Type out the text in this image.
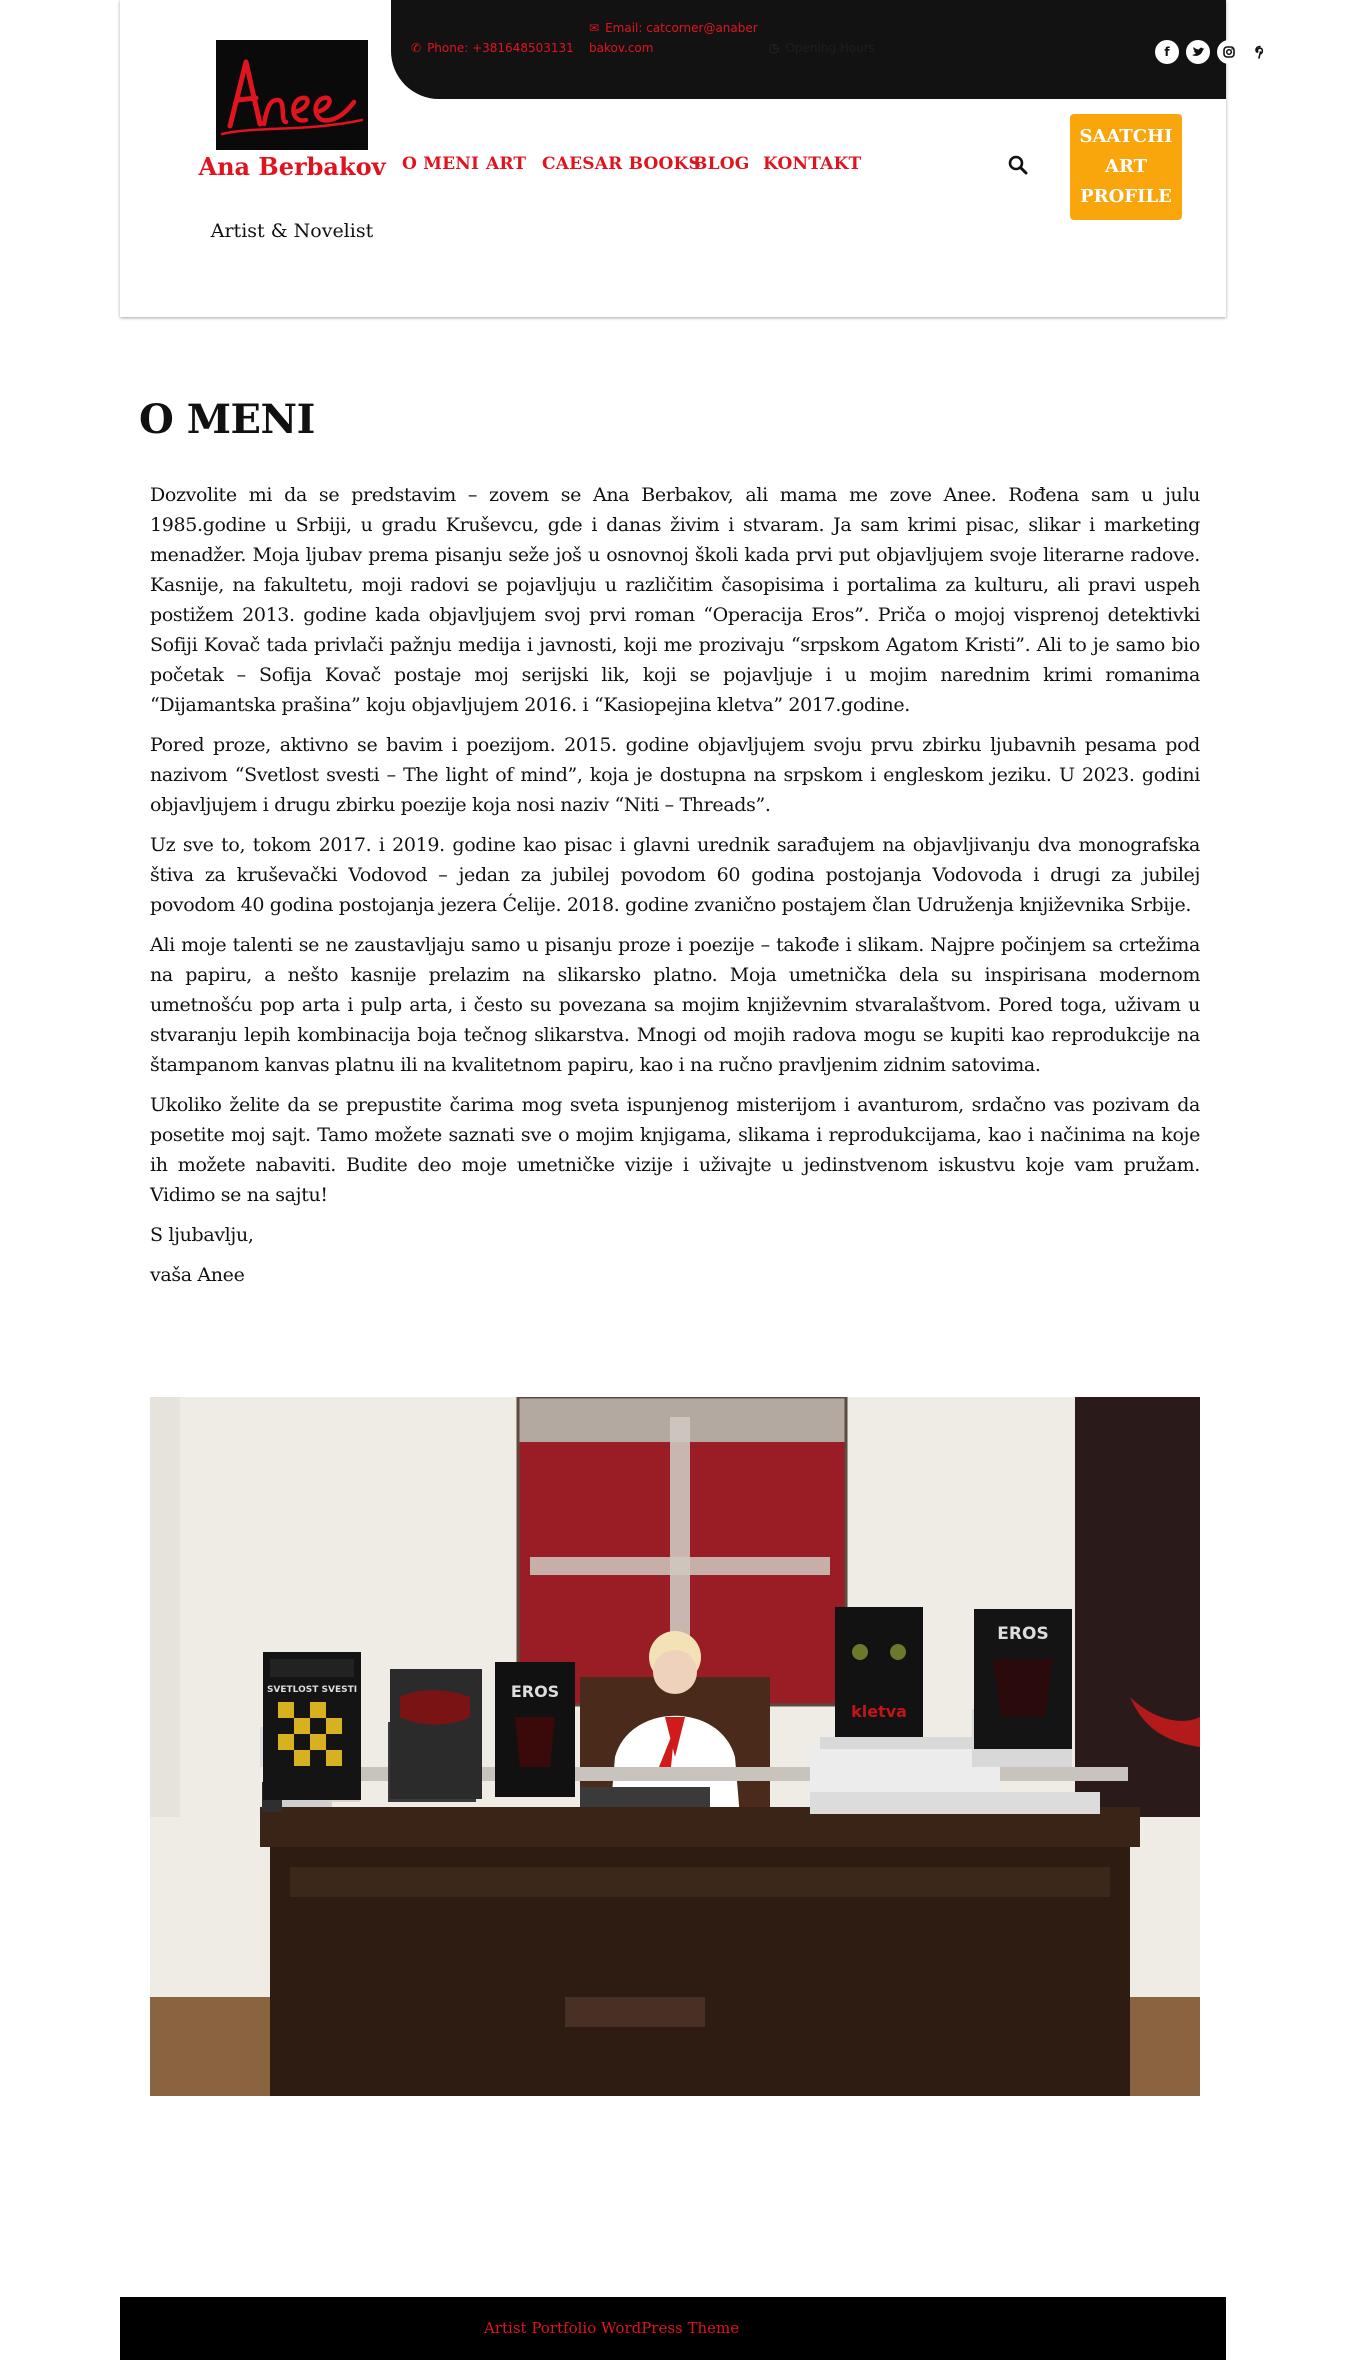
Ana Berbakov
Artist & Novelist
✆ Phone: +381648503131
✉ Email: catcorner@anaberbakov.com	◷ Opening Hours	f
O MENI ART CAESAR BOOKS
BLOG KONTAKT
SAATCHI
ART
PROFILE
O MENI

Dozvolite mi da se predstavim – zovem se Ana Berbakov, ali mama me zove Anee. Rođena sam u julu 1985.godine u Srbiji, u gradu Kruševcu, gde i danas živim i stvaram. Ja sam krimi pisac, slikar i marketing menadžer. Moja ljubav prema pisanju seže još u osnovnoj školi kada prvi put objavljujem svoje literarne radove. Kasnije, na fakultetu, moji radovi se pojavljuju u različitim časopisima i portalima za kulturu, ali pravi uspeh postižem 2013. godine kada objavljujem svoj prvi roman “Operacija Eros”. Priča o mojoj visprenoj detektivki Sofiji Kovač tada privlači pažnju medija i javnosti, koji me prozivaju “srpskom Agatom Kristi”. Ali to je samo bio početak – Sofija Kovač postaje moj serijski lik, koji se pojavljuje i u mojim narednim krimi romanima “Dijamantska prašina” koju objavljujem 2016. i “Kasiopejina kletva” 2017.godine.

Pored proze, aktivno se bavim i poezijom. 2015. godine objavljujem svoju prvu zbirku ljubavnih pesama pod nazivom “Svetlost svesti – The light of mind”, koja je dostupna na srpskom i engleskom jeziku. U 2023. godini objavljujem i drugu zbirku poezije koja nosi naziv “Niti – Threads”.

Uz sve to, tokom 2017. i 2019. godine kao pisac i glavni urednik sarađujem na objavljivanju dva monografska štiva za kruševački Vodovod – jedan za jubilej povodom 60 godina postojanja Vodovoda i drugi za jubilej povodom 40 godina postojanja jezera Ćelije. 2018. godine zvanično postajem član Udruženja književnika Srbije.

Ali moje talenti se ne zaustavljaju samo u pisanju proze i poezije – takođe i slikam. Najpre počinjem sa crtežima na papiru, a nešto kasnije prelazim na slikarsko platno. Moja umetnička dela su inspirisana modernom umetnošću pop arta i pulp arta, i često su povezana sa mojim književnim stvaralaštvom. Pored toga, uživam u stvaranju lepih kombinacija boja tečnog slikarstva. Mnogi od mojih radova mogu se kupiti kao reprodukcije na štampanom kanvas platnu ili na kvalitetnom papiru, kao i na ručno pravljenim zidnim satovima.

Ukoliko želite da se prepustite čarima mog sveta ispunjenog misterijom i avanturom, srdačno vas pozivam da posetite moj sajt. Tamo možete saznati sve o mojim knjigama, slikama i reprodukcijama, kao i načinima na koje ih možete nabaviti. Budite deo moje umetničke vizije i uživajte u jedinstvenom iskustvu koje vam pružam. Vidimo se na sajtu!

S ljubavlju,

vaša Anee

SVETLOST SVESTI	EROS
kletva
EROS
Artist Portfolio WordPress Theme
